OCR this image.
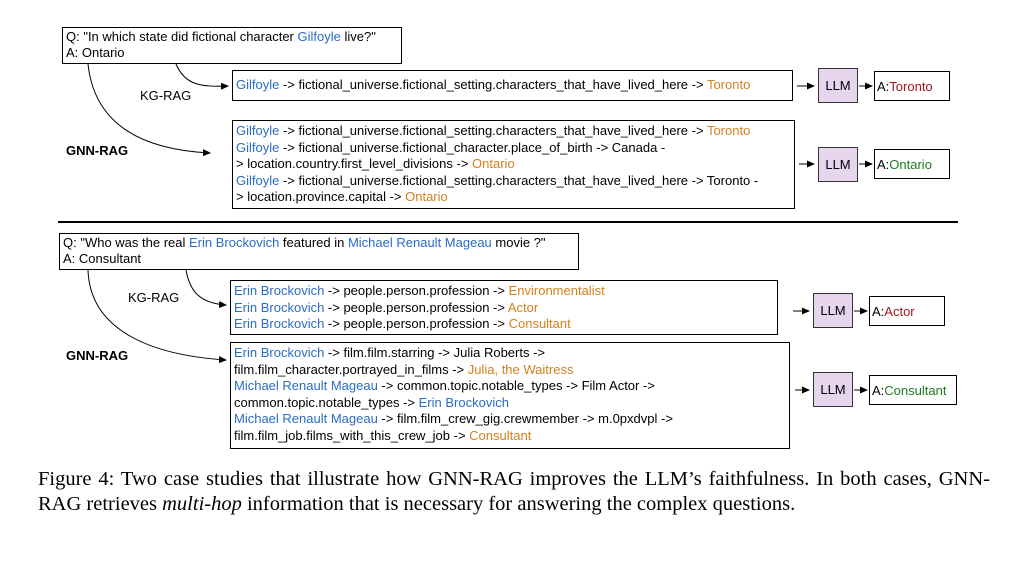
Q: "In which state did fictional character Gilfoyle live?"
A: Ontario
KG-RAG
GNN-RAG
Gilfoyle -> fictional_universe.fictional_setting.characters_that_have_lived_here -> Toronto
Gilfoyle -> fictional_universe.fictional_setting.characters_that_have_lived_here -> Toronto
Gilfoyle -> fictional_universe.fictional_character.place_of_birth -> Canada -
> location.country.first_level_divisions -> Ontario
Gilfoyle -> fictional_universe.fictional_setting.characters_that_have_lived_here -> Toronto -
> location.province.capital -> Ontario
LLM
LLM
A: Toronto
A: Ontario
Q: "Who was the real Erin Brockovich featured in Michael Renault Mageau movie ?"
A: Consultant
KG-RAG
GNN-RAG
Erin Brockovich -> people.person.profession -> Environmentalist
Erin Brockovich -> people.person.profession -> Actor
Erin Brockovich -> people.person.profession -> Consultant
Erin Brockovich -> film.film.starring -> Julia Roberts ->
film.film_character.portrayed_in_films -> Julia, the Waitress
Michael Renault Mageau -> common.topic.notable_types -> Film Actor ->
common.topic.notable_types -> Erin Brockovich
Michael Renault Mageau -> film.film_crew_gig.crewmember -> m.0pxdvpl ->
film.film_job.films_with_this_crew_job -> Consultant
LLM
LLM
A: Actor
A: Consultant
Figure 4: Two case studies that illustrate how GNN-RAG improves the LLM’s faithfulness. In both cases, GNN-RAG retrieves multi-hop information that is necessary for answering the complex questions.
